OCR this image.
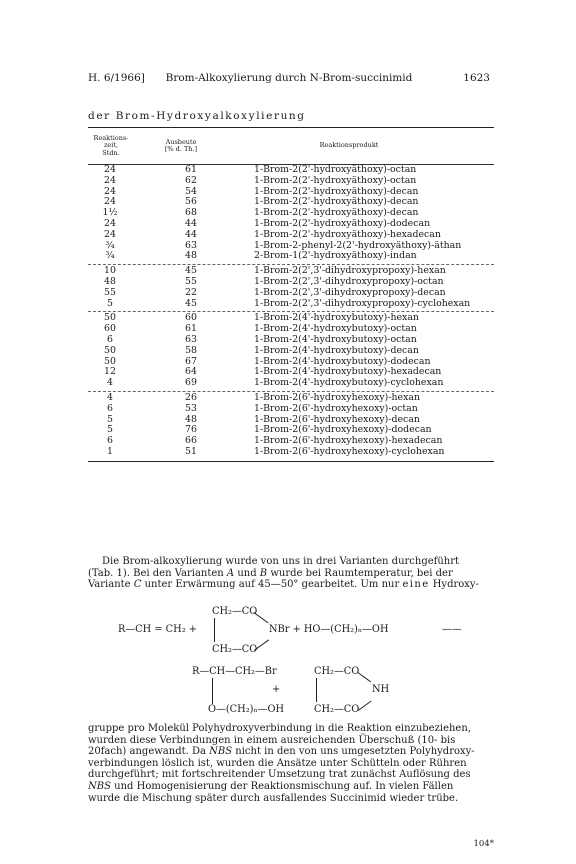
H. 6/1966]	Brom-Alkoxylierung durch N-Brom-succinimid	1623
der Brom-Hydroxyalkoxylierung
Reaktions-
zeit,
Stdn.
Ausbeute
[% d. Th.]	Reaktionsprodukt
24	61	1-Brom-2(2'-hydroxyäthoxy)-octan
24	62	1-Brom-2(2'-hydroxyäthoxy)-octan
24	54	1-Brom-2(2'-hydroxyäthoxy)-decan
24	56	1-Brom-2(2'-hydroxyäthoxy)-decan
1½	68	1-Brom-2(2'-hydroxyäthoxy)-decan
24	44	1-Brom-2(2'-hydroxyäthoxy)-dodecan
24	44	1-Brom-2(2'-hydroxyäthoxy)-hexadecan
¾	63	1-Brom-2-phenyl-2(2'-hydroxyäthoxy)-äthan
¾	48	2-Brom-1(2'-hydroxyäthoxy)-indan
10	45	1-Brom-2(2',3'-dihydroxypropoxy)-hexan
48	55	1-Brom-2(2',3'-dihydroxypropoxy)-octan
55	22	1-Brom-2(2',3'-dihydroxypropoxy)-decan
5	45	1-Brom-2(2',3'-dihydroxypropoxy)-cyclohexan
50	60	1-Brom-2(4'-hydroxybutoxy)-hexan
60	61	1-Brom-2(4'-hydroxybutoxy)-octan
6	63	1-Brom-2(4'-hydroxybutoxy)-octan
50	58	1-Brom-2(4'-hydroxybutoxy)-decan
50	67	1-Brom-2(4'-hydroxybutoxy)-dodecan
12	64	1-Brom-2(4'-hydroxybutoxy)-hexadecan
4	69	1-Brom-2(4'-hydroxybutoxy)-cyclohexan
4	26	1-Brom-2(6'-hydroxyhexoxy)-hexan
6	53	1-Brom-2(6'-hydroxyhexoxy)-octan
5	48	1-Brom-2(6'-hydroxyhexoxy)-decan
5	76	1-Brom-2(6'-hydroxyhexoxy)-dodecan
6	66	1-Brom-2(6'-hydroxyhexoxy)-hexadecan
1	51	1-Brom-2(6'-hydroxyhexoxy)-cyclohexan

Die Brom-alkoxylierung wurde von uns in drei Varianten durchgeführt

(Tab. 1). Bei den Varianten A und B wurde bei Raumtemperatur, bei der

Variante C unter Erwärmung auf 45—50° gearbeitet. Um nur eine Hydroxy-

CH₂—CO
R—CH = CH₂ +	NBr + HO—(CH₂)ₙ—OH	——
CH₂—CO
R—CH—CH₂—Br
+
O—(CH₂)ₙ—OH
CH₂—CO
NH
CH₂—CO

gruppe pro Molekül Polyhydroxyverbindung in die Reaktion einzubeziehen,

wurden diese Verbindungen in einem ausreichenden Überschuß (10- bis

20fach) angewandt. Da NBS nicht in den von uns umgesetzten Polyhydroxy-

verbindungen löslich ist, wurden die Ansätze unter Schütteln oder Rühren

durchgeführt; mit fortschreitender Umsetzung trat zunächst Auflösung des

NBS und Homogenisierung der Reaktionsmischung auf. In vielen Fällen

wurde die Mischung später durch ausfallendes Succinimid wieder trübe.

104*
